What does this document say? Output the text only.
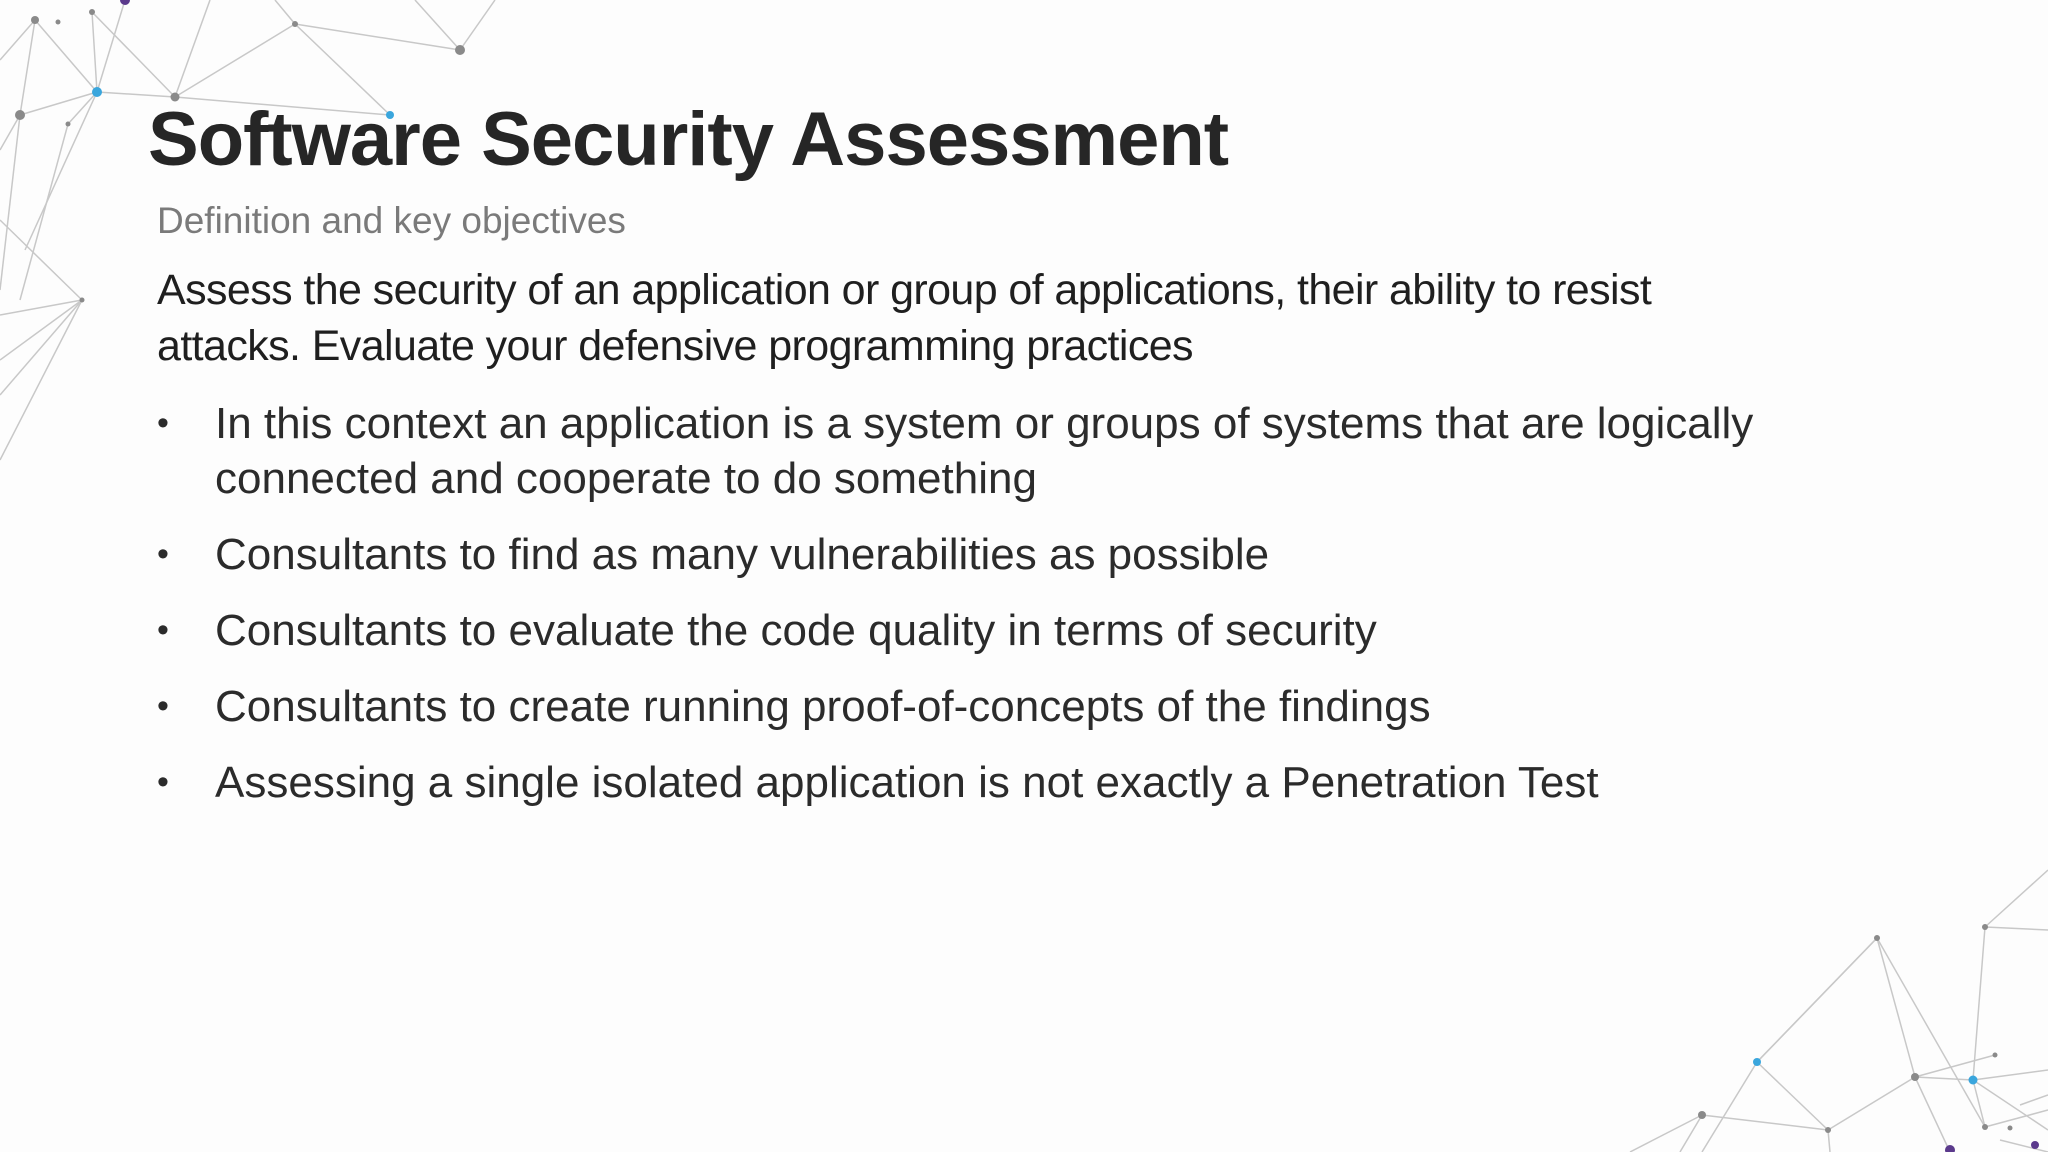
Software Security Assessment
Definition and key objectives
Assess the security of an application or group of applications, their ability to resist attacks. Evaluate your defensive programming practices
•	In this context an application is a system or groups of systems that are logically connected and cooperate to do something
•	Consultants to find as many vulnerabilities as possible
•	Consultants to evaluate the code quality in terms of security
•	Consultants to create running proof-of-concepts of the findings
•	Assessing a single isolated application is not exactly a Penetration Test
